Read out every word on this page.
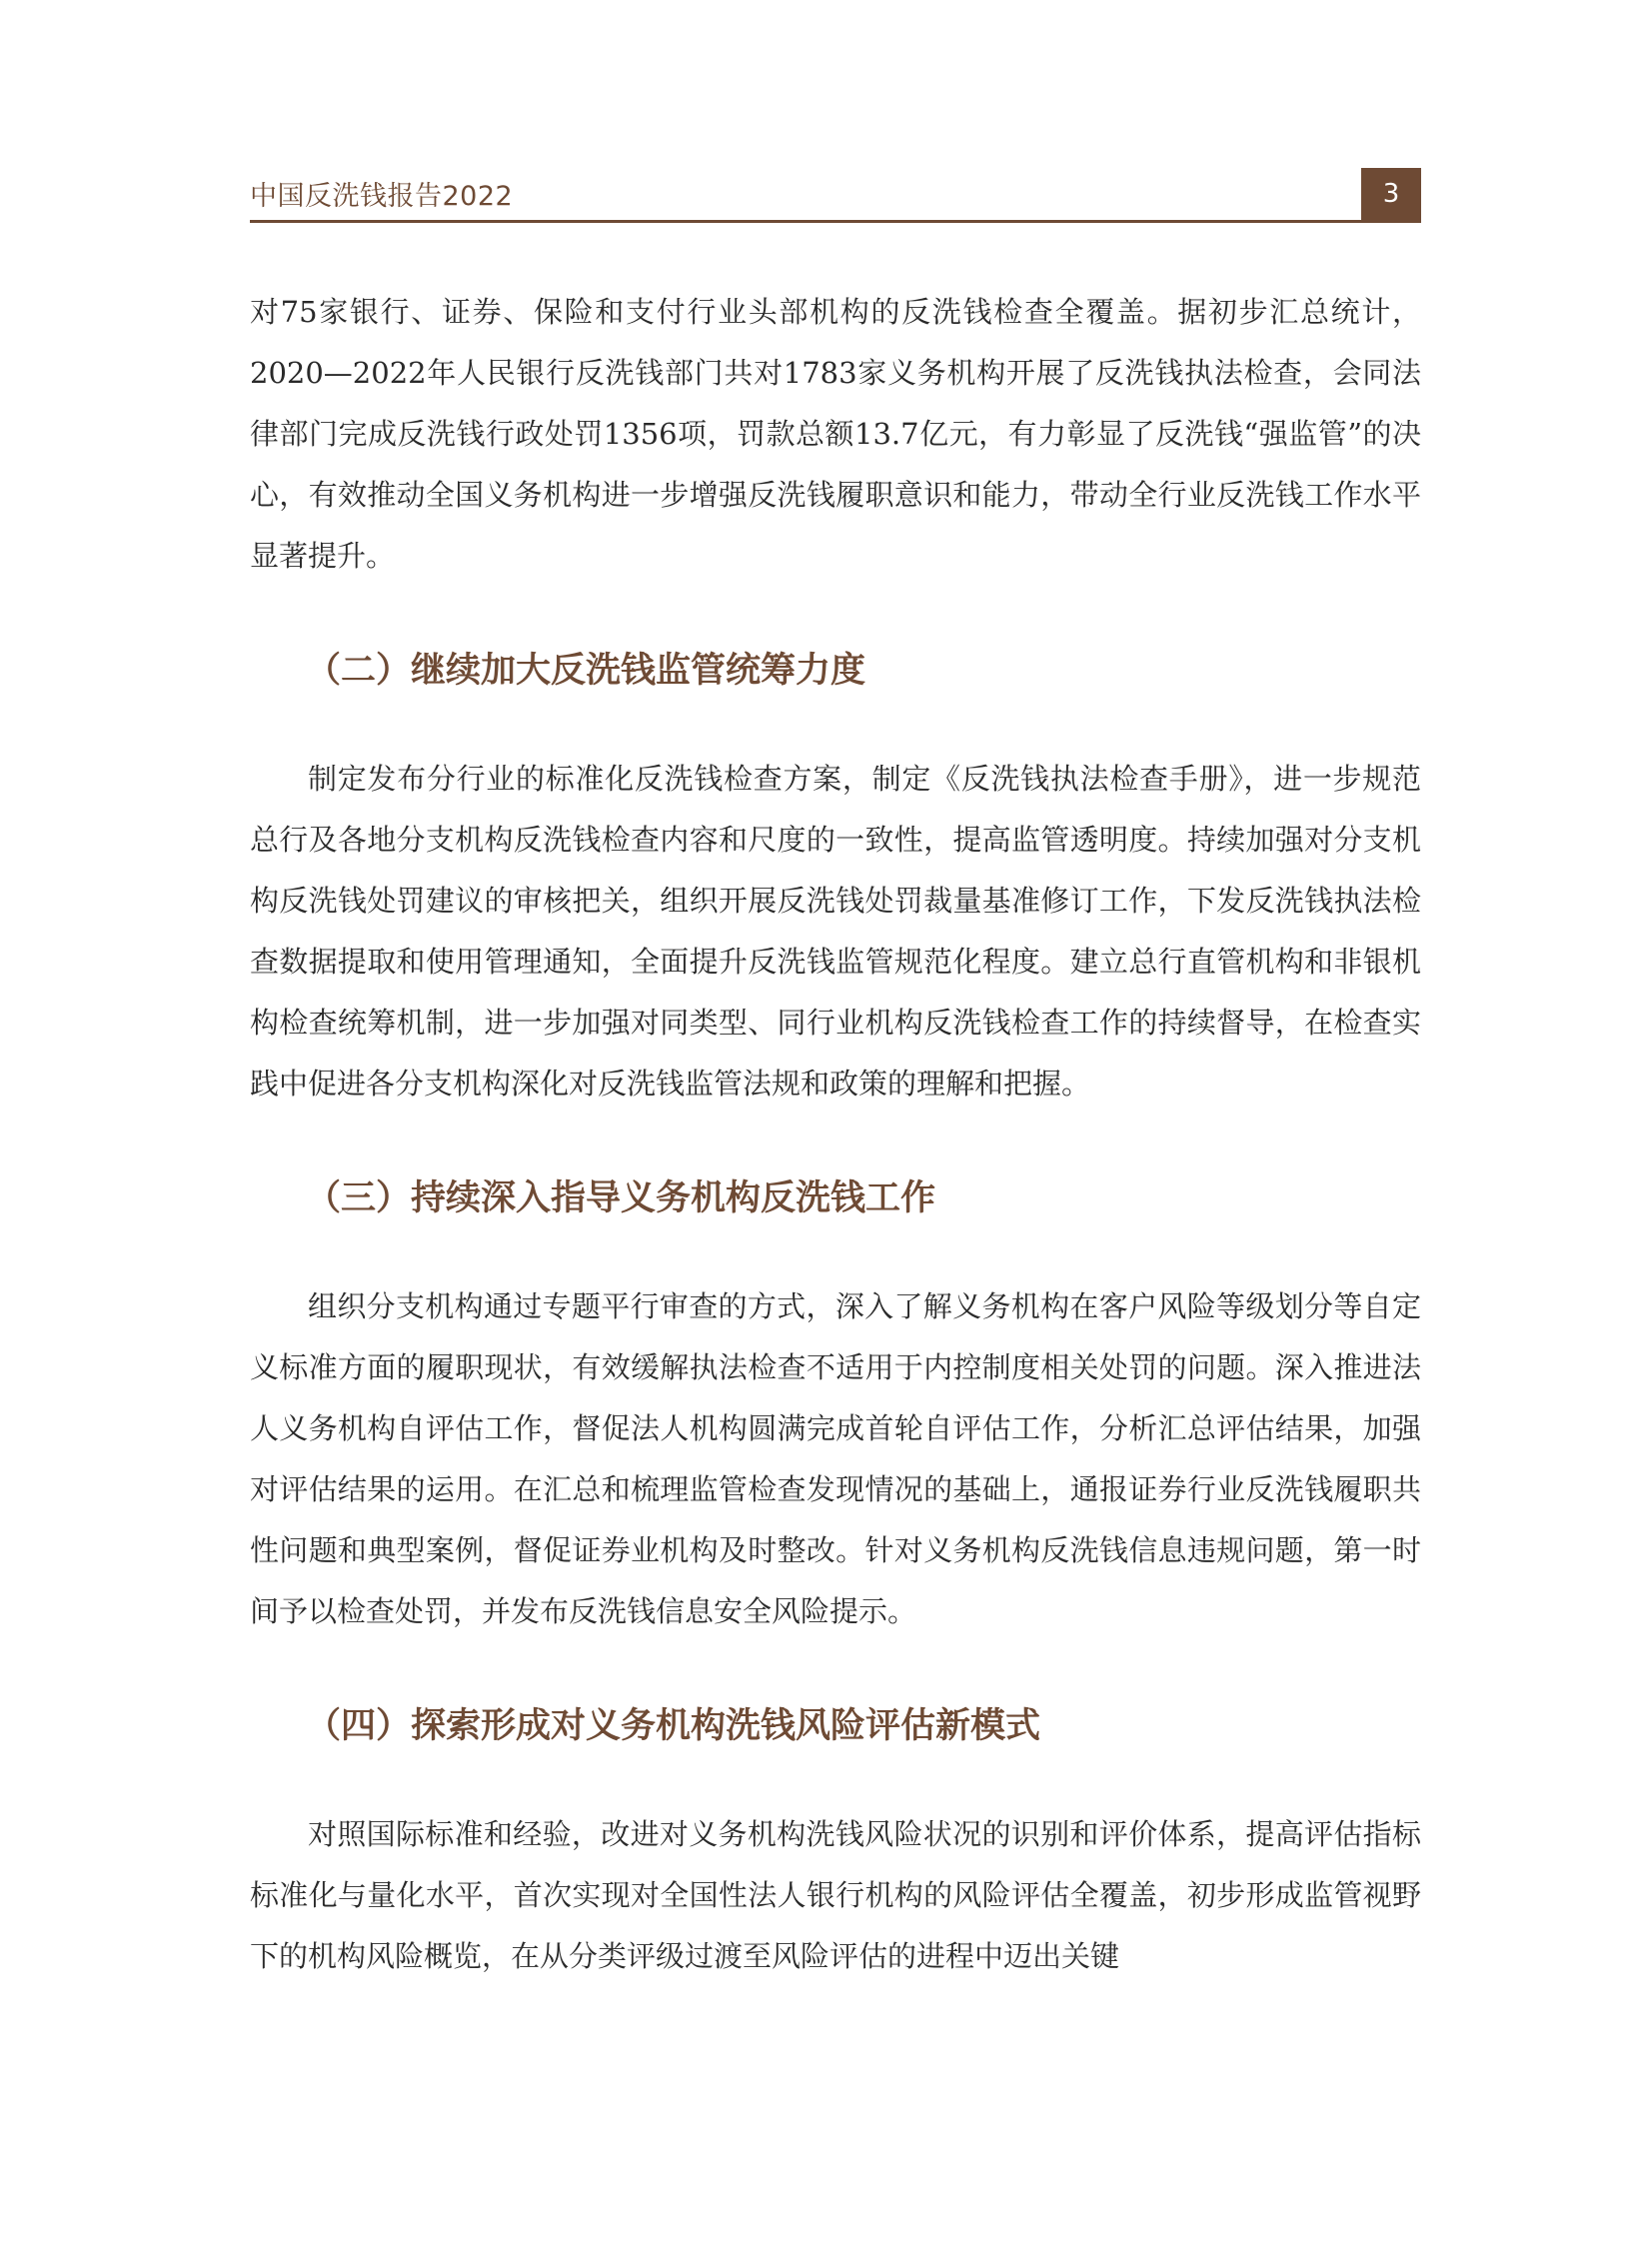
中国反洗钱报告2022	3

对75家银行、证券、保险和支付行业头部机构的反洗钱检查全覆盖。据初步汇总统计，2020—2022年人民银行反洗钱部门共对1783家义务机构开展了反洗钱执法检查，会同法律部门完成反洗钱行政处罚1356项，罚款总额13.7亿元，有力彰显了反洗钱“强监管”的决心，有效推动全国义务机构进一步增强反洗钱履职意识和能力，带动全行业反洗钱工作水平显著提升。

（二）继续加大反洗钱监管统筹力度

制定发布分行业的标准化反洗钱检查方案，制定《反洗钱执法检查手册》，进一步规范总行及各地分支机构反洗钱检查内容和尺度的一致性，提高监管透明度。持续加强对分支机构反洗钱处罚建议的审核把关，组织开展反洗钱处罚裁量基准修订工作，下发反洗钱执法检查数据提取和使用管理通知，全面提升反洗钱监管规范化程度。建立总行直管机构和非银机构检查统筹机制，进一步加强对同类型、同行业机构反洗钱检查工作的持续督导，在检查实践中促进各分支机构深化对反洗钱监管法规和政策的理解和把握。

（三）持续深入指导义务机构反洗钱工作

组织分支机构通过专题平行审查的方式，深入了解义务机构在客户风险等级划分等自定义标准方面的履职现状，有效缓解执法检查不适用于内控制度相关处罚的问题。深入推进法人义务机构自评估工作，督促法人机构圆满完成首轮自评估工作，分析汇总评估结果，加强对评估结果的运用。在汇总和梳理监管检查发现情况的基础上，通报证券行业反洗钱履职共性问题和典型案例，督促证券业机构及时整改。针对义务机构反洗钱信息违规问题，第一时间予以检查处罚，并发布反洗钱信息安全风险提示。

（四）探索形成对义务机构洗钱风险评估新模式

对照国际标准和经验，改进对义务机构洗钱风险状况的识别和评价体系，提高评估指标标准化与量化水平，首次实现对全国性法人银行机构的风险评估全覆盖，初步形成监管视野下的机构风险概览，在从分类评级过渡至风险评估的进程中迈出关键
